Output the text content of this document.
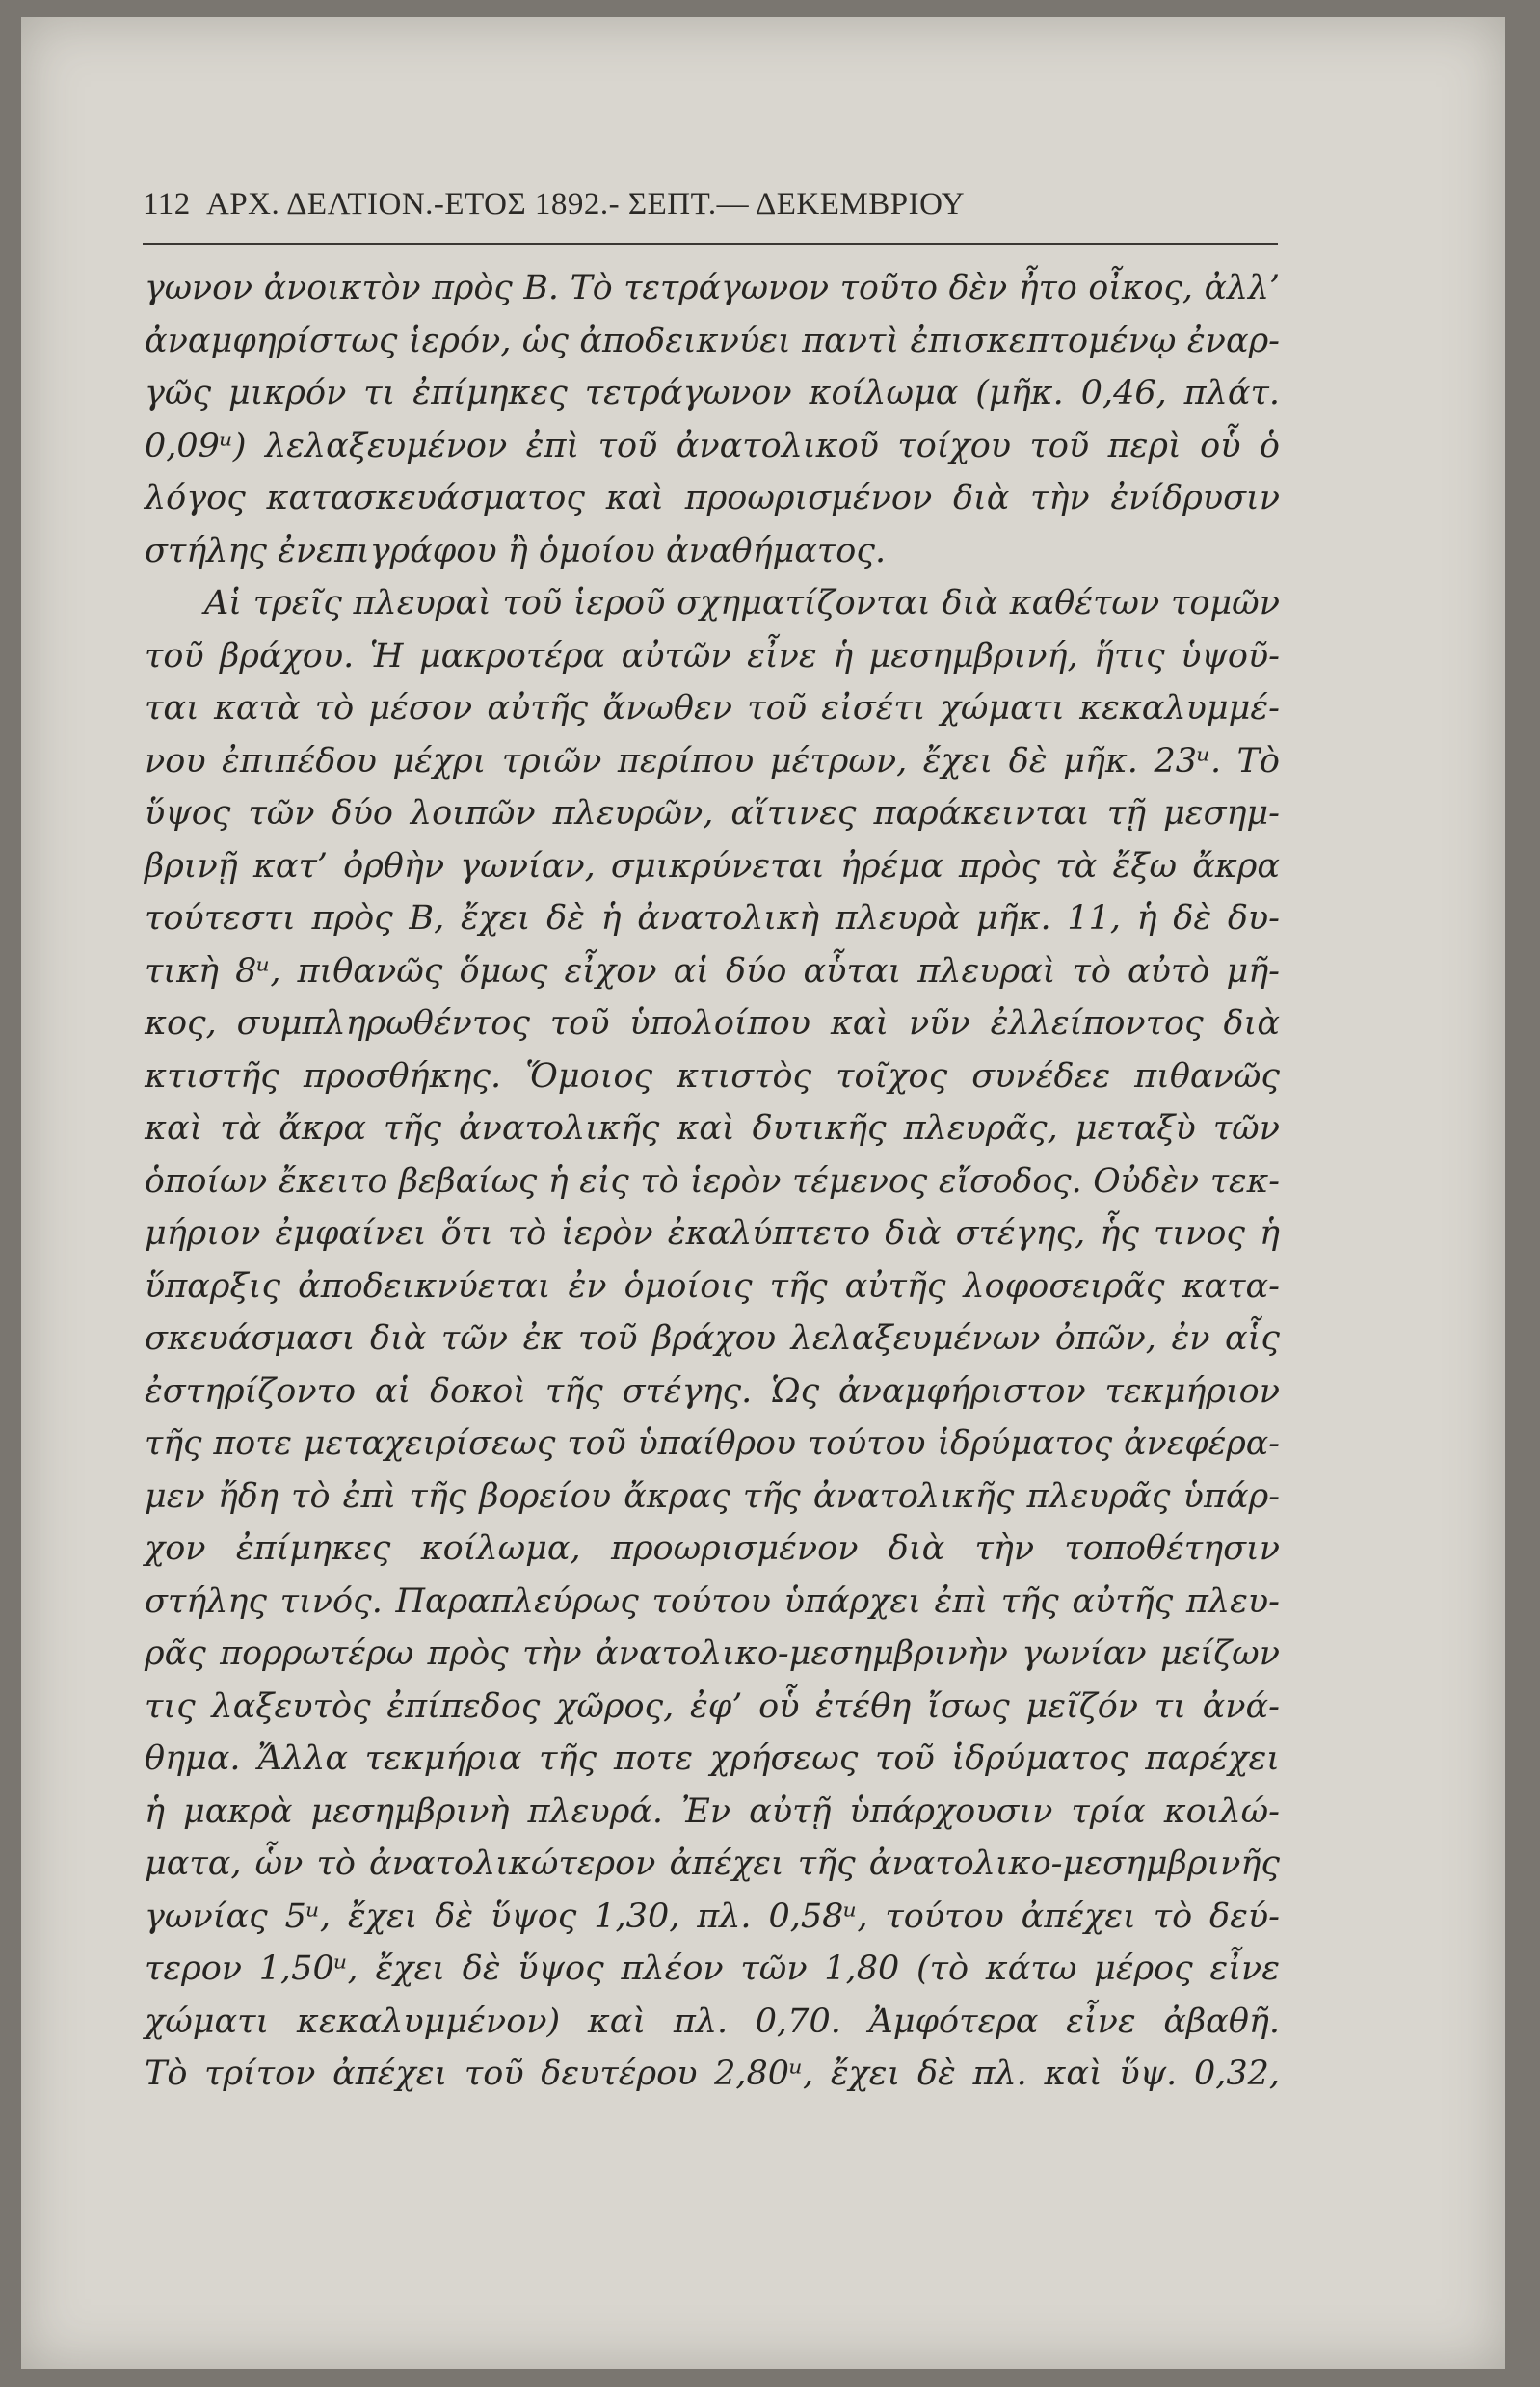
112 ΑΡΧ. ΔΕΛΤΙΟΝ.-ΕΤΟΣ 1892.- ΣΕΠΤ.— ΔΕΚΕΜΒΡΙΟΥ
γωνον ἀνοικτὸν πρὸς Β. Τὸ τετράγωνον τοῦτο δὲν ἦτο οἶκος, ἀλλ’
ἀναμφηρίστως ἱερόν, ὡς ἀποδεικνύει παντὶ ἐπισκεπτομένῳ ἐναρ-
γῶς μικρόν τι ἐπίμηκες τετράγωνον κοίλωμα (μῆκ. 0,46, πλάτ.
0,09ᵘ) λελαξευμένον ἐπὶ τοῦ ἀνατολικοῦ τοίχου τοῦ περὶ οὗ ὁ
λόγος κατασκευάσματος καὶ προωρισμένον διὰ τὴν ἐνίδρυσιν
στήλης ἐνεπιγράφου ἢ ὁμοίου ἀναθήματος.
Αἱ τρεῖς πλευραὶ τοῦ ἱεροῦ σχηματίζονται διὰ καθέτων τομῶν
τοῦ βράχου. Ἡ μακροτέρα αὐτῶν εἶνε ἡ μεσημβρινή, ἥτις ὑψοῦ-
ται κατὰ τὸ μέσον αὐτῆς ἄνωθεν τοῦ εἰσέτι χώματι κεκαλυμμέ-
νου ἐπιπέδου μέχρι τριῶν περίπου μέτρων, ἔχει δὲ μῆκ. 23ᵘ. Τὸ
ὕψος τῶν δύο λοιπῶν πλευρῶν, αἵτινες παράκεινται τῇ μεσημ-
βρινῇ κατ’ ὀρθὴν γωνίαν, σμικρύνεται ἠρέμα πρὸς τὰ ἔξω ἄκρα
τούτεστι πρὸς Β, ἔχει δὲ ἡ ἀνατολικὴ πλευρὰ μῆκ. 11, ἡ δὲ δυ-
τικὴ 8ᵘ, πιθανῶς ὅμως εἶχον αἱ δύο αὗται πλευραὶ τὸ αὐτὸ μῆ-
κος, συμπληρωθέντος τοῦ ὑπολοίπου καὶ νῦν ἐλλείποντος διὰ
κτιστῆς προσθήκης. Ὅμοιος κτιστὸς τοῖχος συνέδεε πιθανῶς
καὶ τὰ ἄκρα τῆς ἀνατολικῆς καὶ δυτικῆς πλευρᾶς, μεταξὺ τῶν
ὁποίων ἔκειτο βεβαίως ἡ εἰς τὸ ἱερὸν τέμενος εἴσοδος. Οὐδὲν τεκ-
μήριον ἐμφαίνει ὅτι τὸ ἱερὸν ἐκαλύπτετο διὰ στέγης, ἧς τινος ἡ
ὕπαρξις ἀποδεικνύεται ἐν ὁμοίοις τῆς αὐτῆς λοφοσειρᾶς κατα-
σκευάσμασι διὰ τῶν ἐκ τοῦ βράχου λελαξευμένων ὀπῶν, ἐν αἷς
ἐστηρίζοντο αἱ δοκοὶ τῆς στέγης. Ὡς ἀναμφήριστον τεκμήριον
τῆς ποτε μεταχειρίσεως τοῦ ὑπαίθρου τούτου ἱδρύματος ἀνεφέρα-
μεν ἤδη τὸ ἐπὶ τῆς βορείου ἄκρας τῆς ἀνατολικῆς πλευρᾶς ὑπάρ-
χον ἐπίμηκες κοίλωμα, προωρισμένον διὰ τὴν τοποθέτησιν
στήλης τινός. Παραπλεύρως τούτου ὑπάρχει ἐπὶ τῆς αὐτῆς πλευ-
ρᾶς πορρωτέρω πρὸς τὴν ἀνατολικο-μεσημβρινὴν γωνίαν μείζων
τις λαξευτὸς ἐπίπεδος χῶρος, ἐφ’ οὗ ἐτέθη ἴσως μεῖζόν τι ἀνά-
θημα. Ἄλλα τεκμήρια τῆς ποτε χρήσεως τοῦ ἱδρύματος παρέχει
ἡ μακρὰ μεσημβρινὴ πλευρά. Ἐν αὐτῇ ὑπάρχουσιν τρία κοιλώ-
ματα, ὧν τὸ ἀνατολικώτερον ἀπέχει τῆς ἀνατολικο-μεσημβρινῆς
γωνίας 5ᵘ, ἔχει δὲ ὕψος 1,30, πλ. 0,58ᵘ, τούτου ἀπέχει τὸ δεύ-
τερον 1,50ᵘ, ἔχει δὲ ὕψος πλέον τῶν 1,80 (τὸ κάτω μέρος εἶνε
χώματι κεκαλυμμένον) καὶ πλ. 0,70. Ἀμφότερα εἶνε ἀβαθῆ.
Τὸ τρίτον ἀπέχει τοῦ δευτέρου 2,80ᵘ, ἔχει δὲ πλ. καὶ ὕψ. 0,32,
